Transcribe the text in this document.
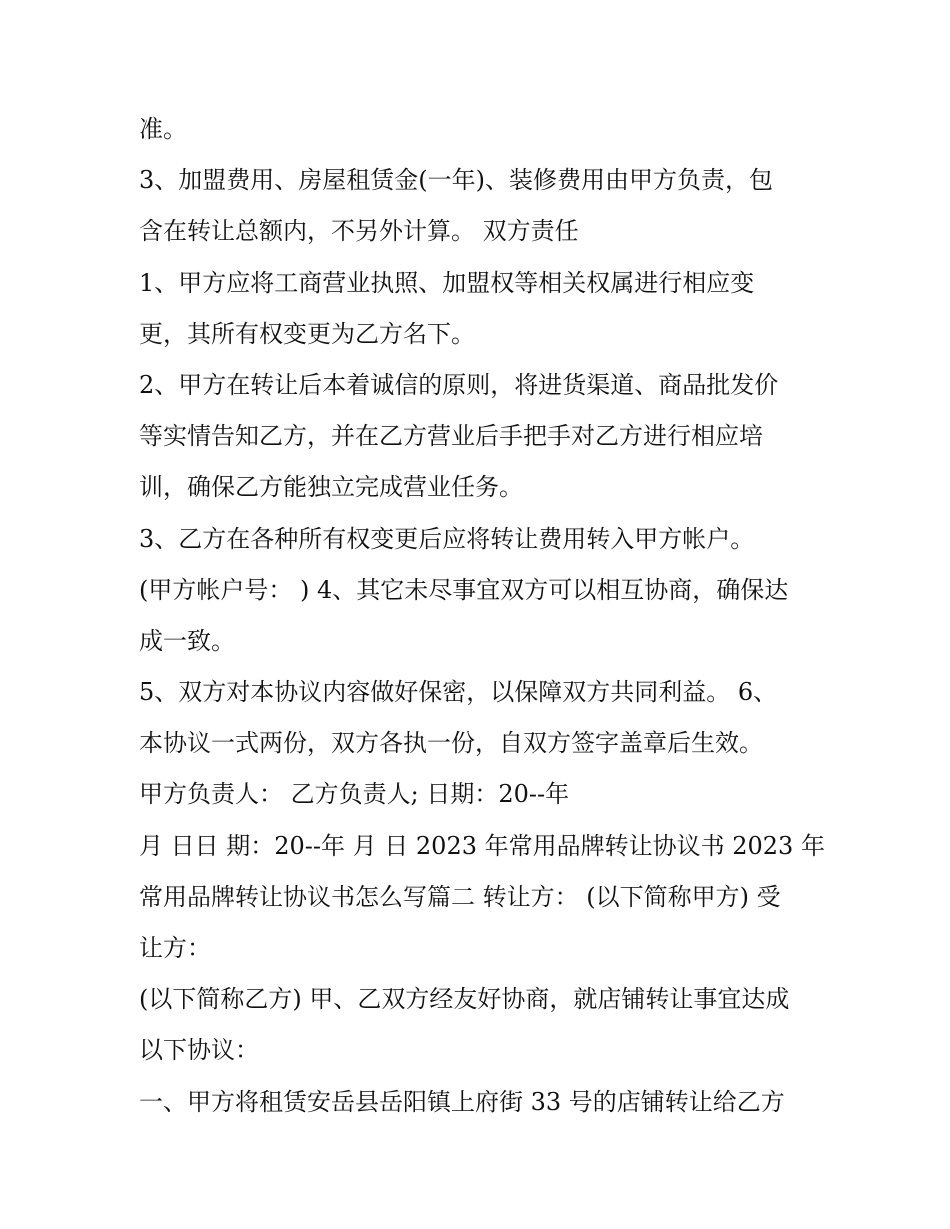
准。
3、加盟费用、房屋租赁金(一年)、装修费用由甲方负责，包
含在转让总额内，不另外计算。 双方责任
1、甲方应将工商营业执照、加盟权等相关权属进行相应变
更，其所有权变更为乙方名下。
2、甲方在转让后本着诚信的原则，将进货渠道、商品批发价
等实情告知乙方，并在乙方营业后手把手对乙方进行相应培
训，确保乙方能独立完成营业任务。
3、乙方在各种所有权变更后应将转让费用转入甲方帐户。
(甲方帐户号： ) 4、其它未尽事宜双方可以相互协商，确保达
成一致。
5、双方对本协议内容做好保密，以保障双方共同利益。 6、
本协议一式两份，双方各执一份，自双方签字盖章后生效。
甲方负责人： 乙方负责人; 日期：20--年
月 日日 期：20--年 月 日 2023 年常用品牌转让协议书 2023 年
常用品牌转让协议书怎么写篇二 转让方： (以下简称甲方) 受
让方：
(以下简称乙方) 甲、乙双方经友好协商，就店铺转让事宜达成
以下协议：
一、甲方将租赁安岳县岳阳镇上府街 33 号的店铺转让给乙方
